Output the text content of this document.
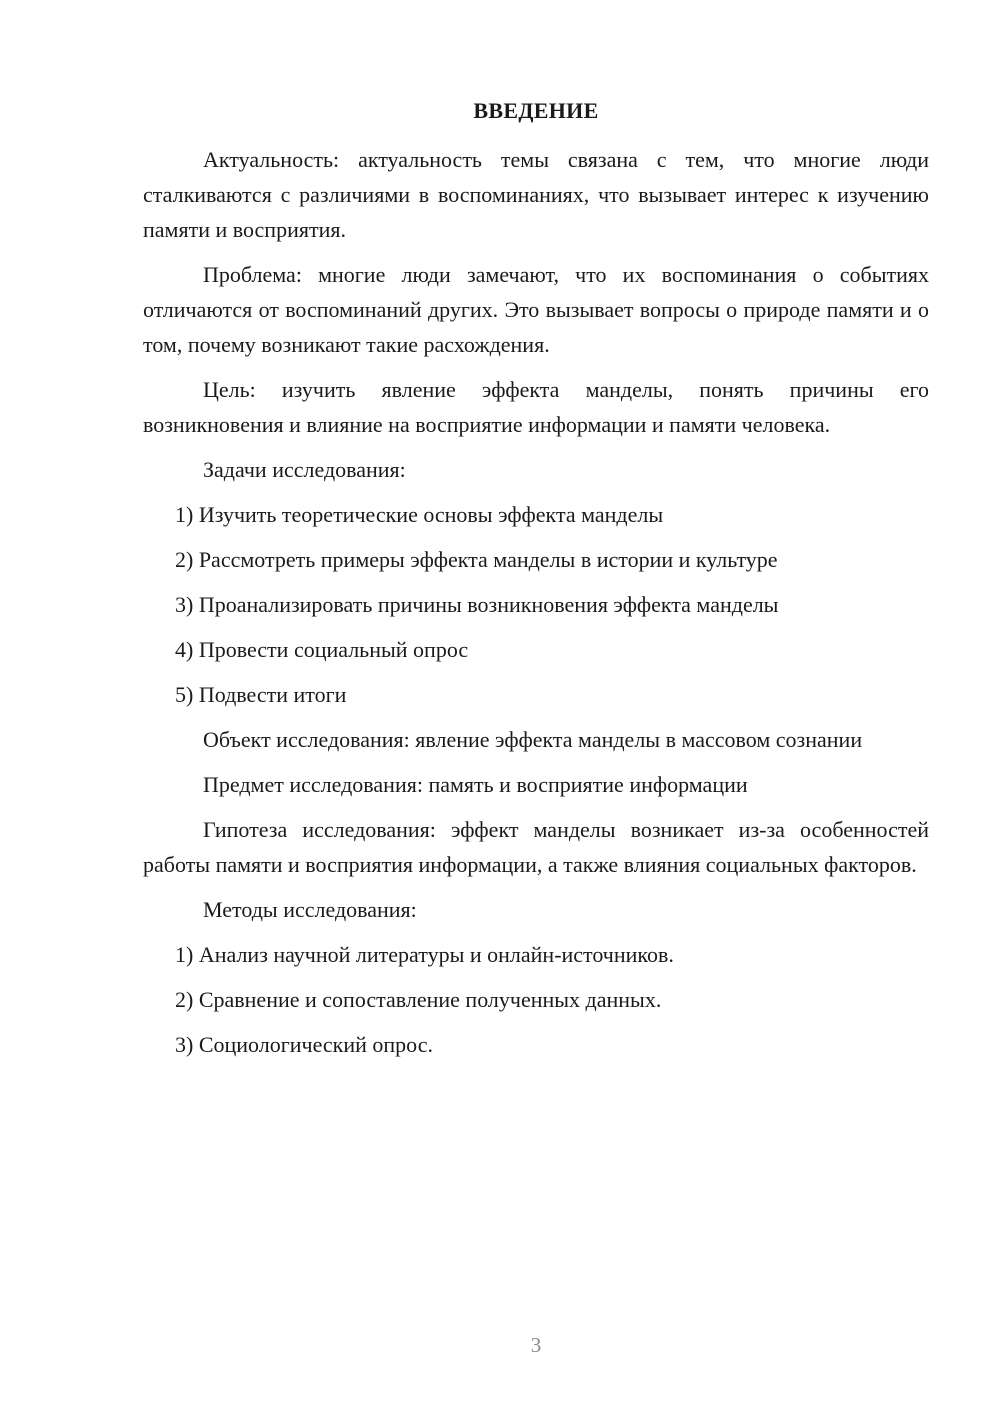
ВВЕДЕНИЕ

Актуальность: актуальность темы связана с тем, что многие люди сталкиваются с различиями в воспоминаниях, что вызывает интерес к изучению памяти и восприятия.

Проблема: многие люди замечают, что их воспоминания о событиях отличаются от воспоминаний других. Это вызывает вопросы о природе памяти и о том, почему возникают такие расхождения.

Цель: изучить явление эффекта манделы, понять причины его возникновения и влияние на восприятие информации и памяти человека.

Задачи исследования:

1) Изучить теоретические основы эффекта манделы

2) Рассмотреть примеры эффекта манделы в истории и культуре

3) Проанализировать причины возникновения эффекта манделы

4) Провести социальный опрос

5) Подвести итоги

Объект исследования: явление эффекта манделы в массовом сознании

Предмет исследования: память и восприятие информации

Гипотеза исследования: эффект манделы возникает из-за особенностей работы памяти и восприятия информации, а также влияния социальных факторов.

Методы исследования:

1) Анализ научной литературы и онлайн-источников.

2) Сравнение и сопоставление полученных данных.

3) Социологический опрос.

3
